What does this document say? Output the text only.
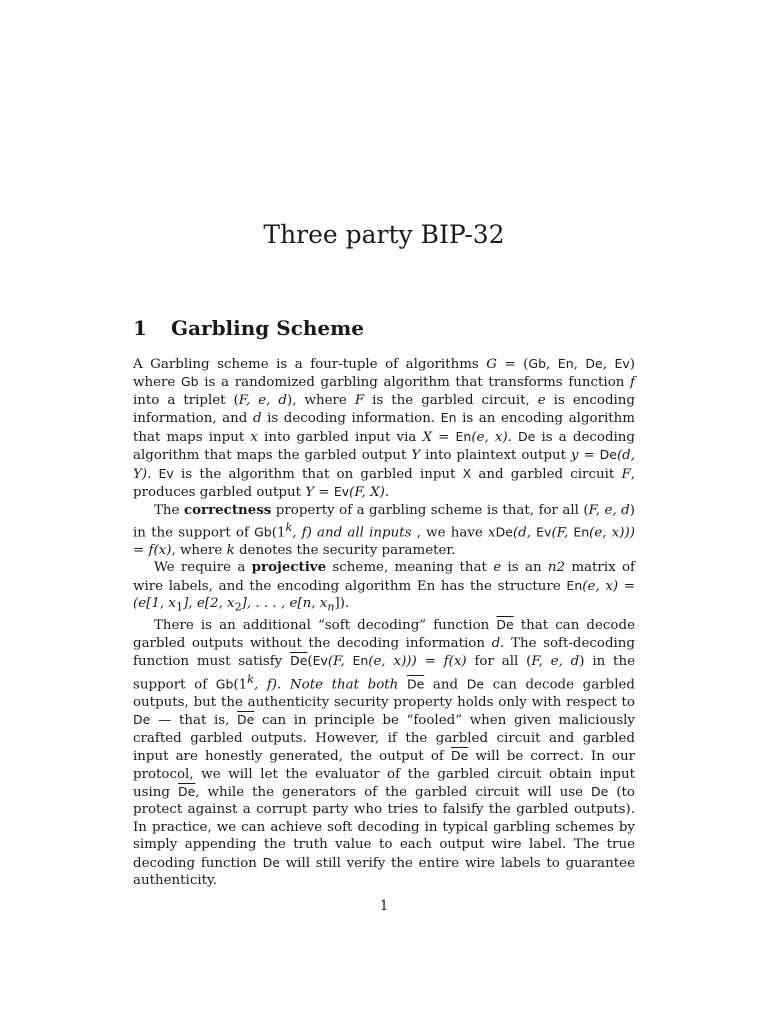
Three party BIP-32
1 Garbling Scheme

A Garbling scheme is a four-tuple of algorithms G = (Gb, En, De, Ev) where Gb is a randomized garbling algorithm that transforms function f into a triplet (F, e, d), where F is the garbled circuit, e is encoding information, and d is decoding information. En is an encoding algorithm that maps input x into garbled input via X = En(e, x). De is a decoding algorithm that maps the garbled output Y into plaintext output y = De(d, Y). Ev is the algorithm that on garbled input X and garbled circuit F, produces garbled output Y = Ev(F, X).

The correctness property of a garbling scheme is that, for all (F, e, d) in the support of Gb(1$^k$, f) and all inputs , we have xDe(d, Ev(F, En(e, x))) = f(x), where k denotes the security parameter.

We require a projective scheme, meaning that e is an n2 matrix of wire labels, and the encoding algorithm En has the structure En(e, x) = (e[1, $x_1$], e[2, $x_2$], . . . , e[n, $x_n$]).

There is an additional “soft decoding” function $\overline{De}$ that can decode garbled outputs without the decoding information d. The soft-decoding function must satisfy $\overline{De}(Ev(F$, En(e, x))) = f(x) for all (F, e, d) in the support of Gb(1$^k$, f). Note that both $\overline{De}$ and De can decode garbled outputs, but the authenticity security property holds only with respect to De — that is, $\overline{De}$ can in principle be “fooled” when given maliciously crafted garbled outputs. However, if the garbled circuit and garbled input are honestly generated, the output of $\overline{De}$ will be correct. In our protocol, we will let the evaluator of the garbled circuit obtain input using $\overline{De}$, while the generators of the garbled circuit will use De (to protect against a corrupt party who tries to falsify the garbled outputs). In practice, we can achieve soft decoding in typical garbling schemes by simply appending the truth value to each output wire label. The true decoding function De will still verify the entire wire labels to guarantee authenticity.

1
